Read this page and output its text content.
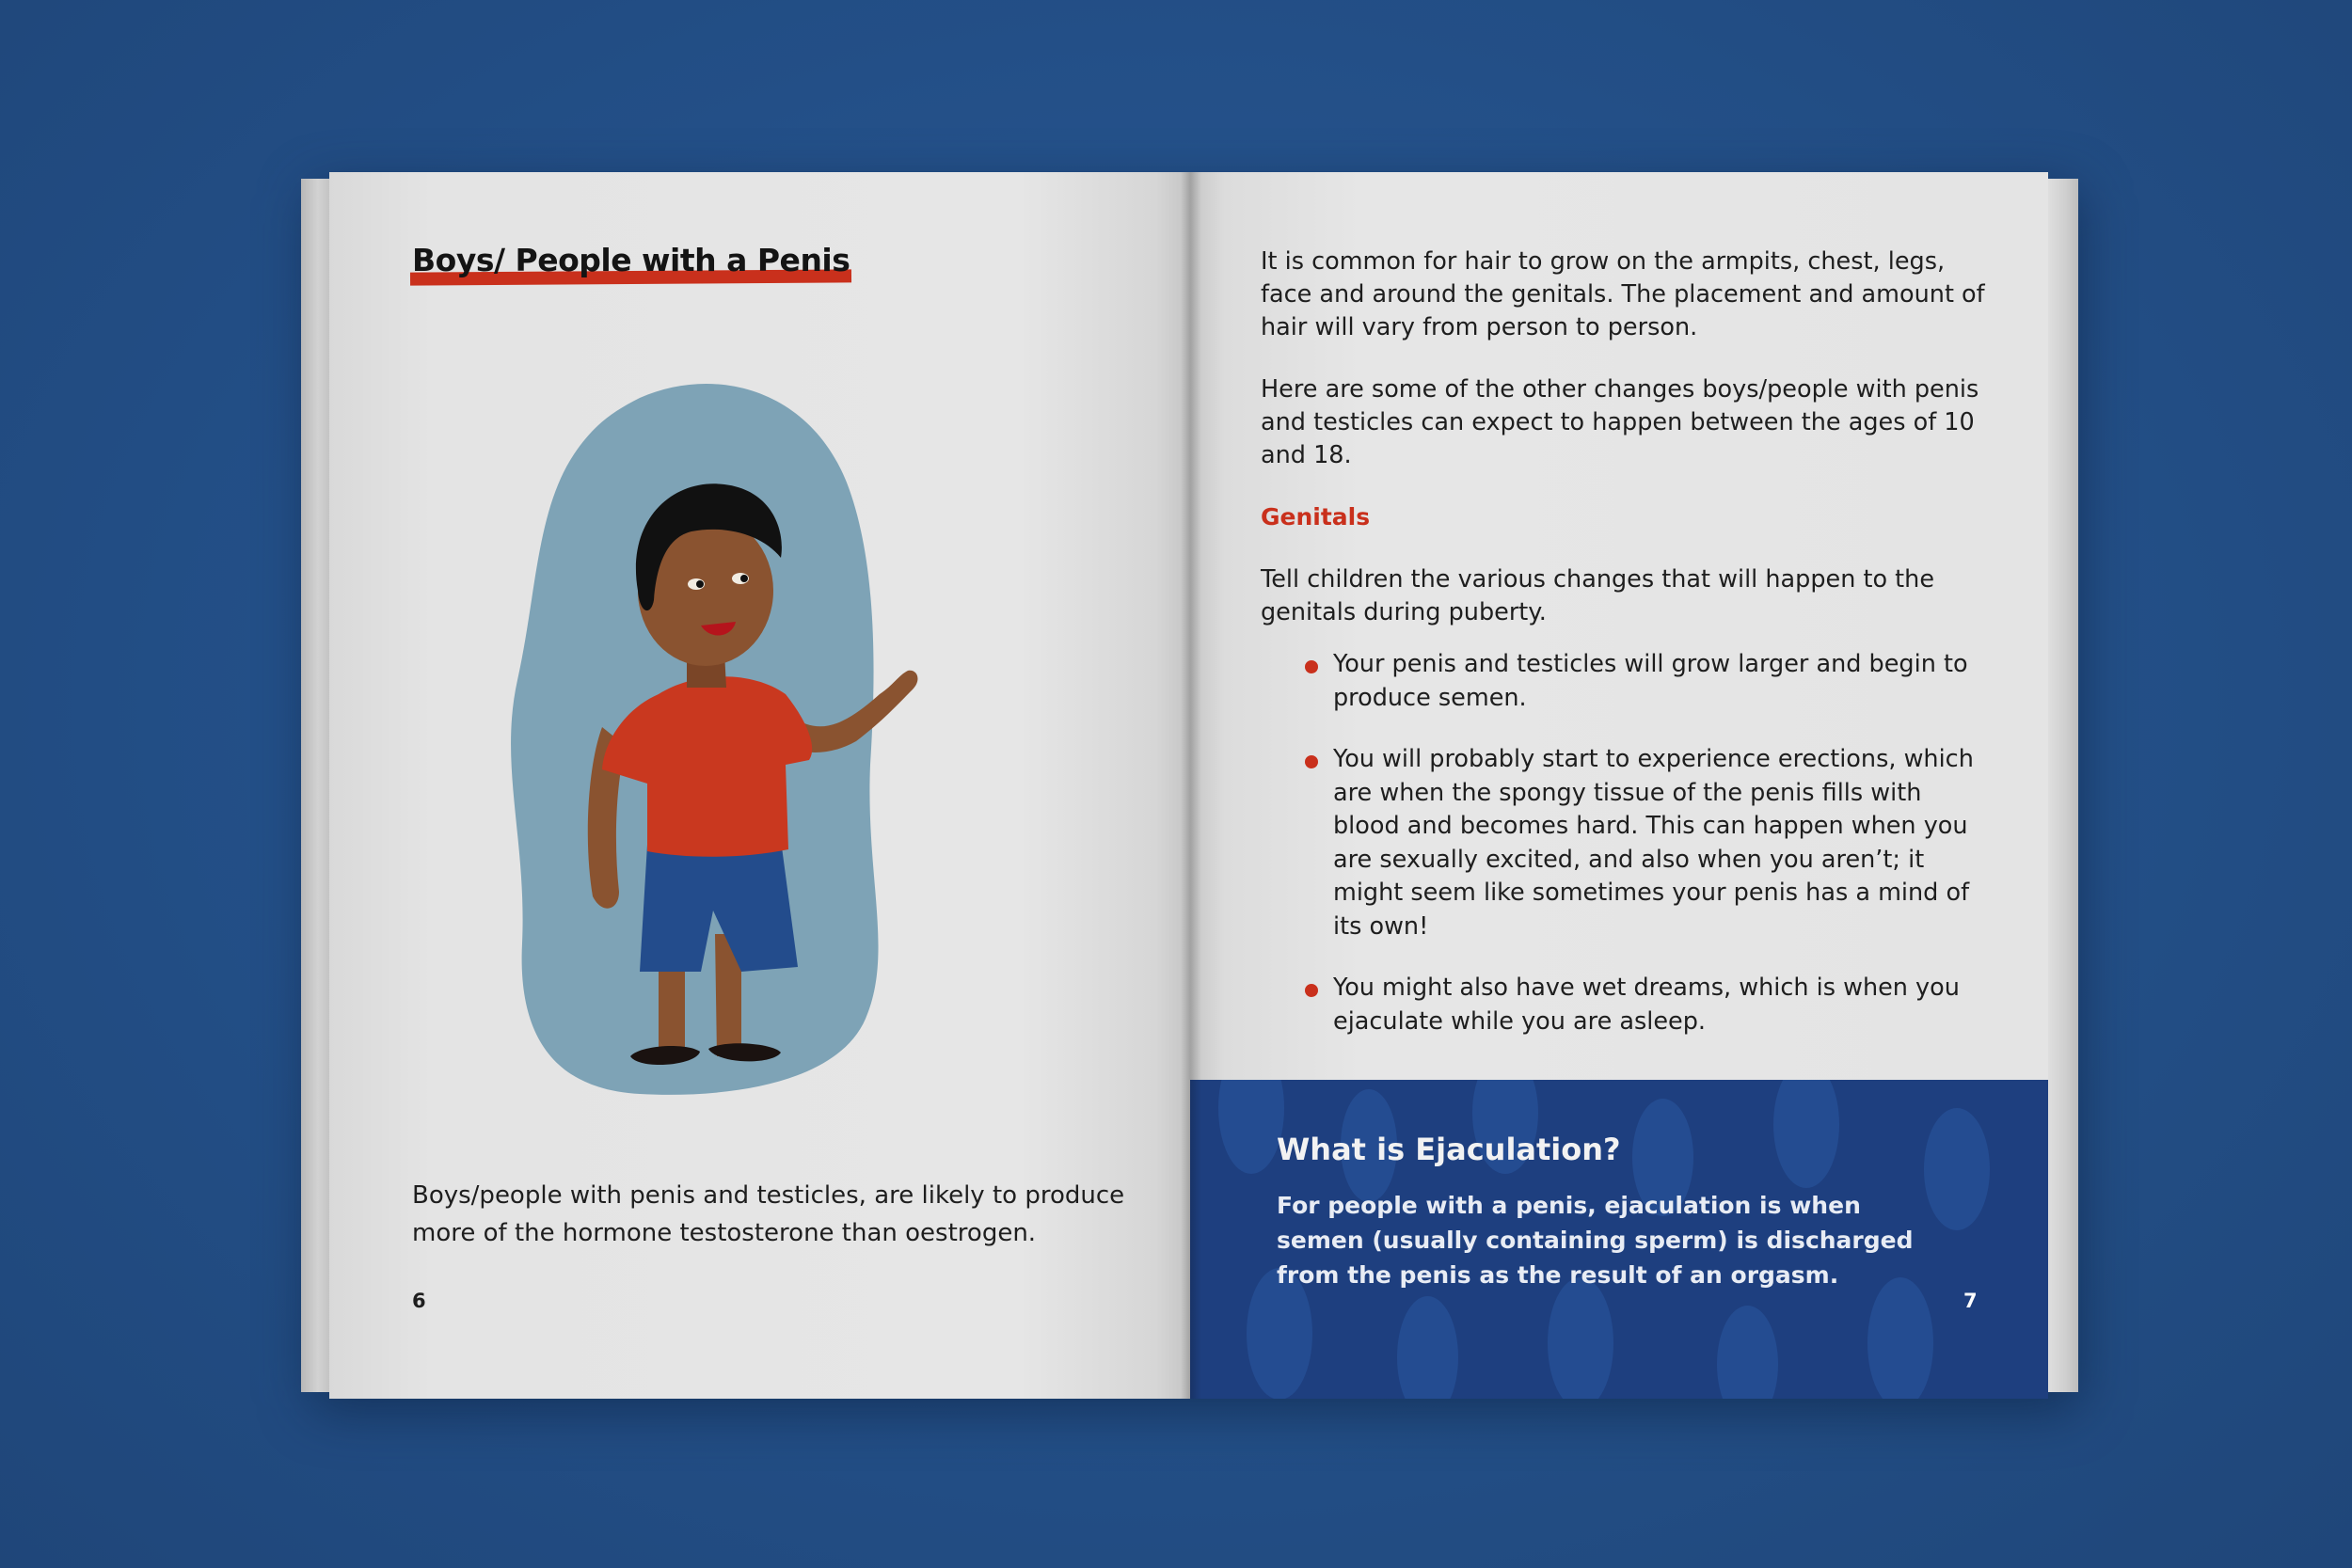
Boys/ People with a Penis
Boys/people with penis and testicles, are likely to produce more of the hormone testosterone than oestrogen.
6
It is common for hair to grow on the armpits, chest, legs, face and around the genitals. The placement and amount of hair will vary from person to person.
Here are some of the other changes boys/people with penis and testicles can expect to happen between the ages of 10 and 18.
Genitals
Tell children the various changes that will happen to the genitals during puberty.
Your penis and testicles will grow larger and begin to produce semen.
You will probably start to experience erections, which are when the spongy tissue of the penis fills with blood and becomes hard. This can happen when you are sexually excited, and also when you aren’t; it might seem like sometimes your penis has a mind of its own!
You might also have wet dreams, which is when you ejaculate while you are asleep.
What is Ejaculation?
For people with a penis, ejaculation is when semen (usually containing sperm) is discharged from the penis as the result of an orgasm.
7
